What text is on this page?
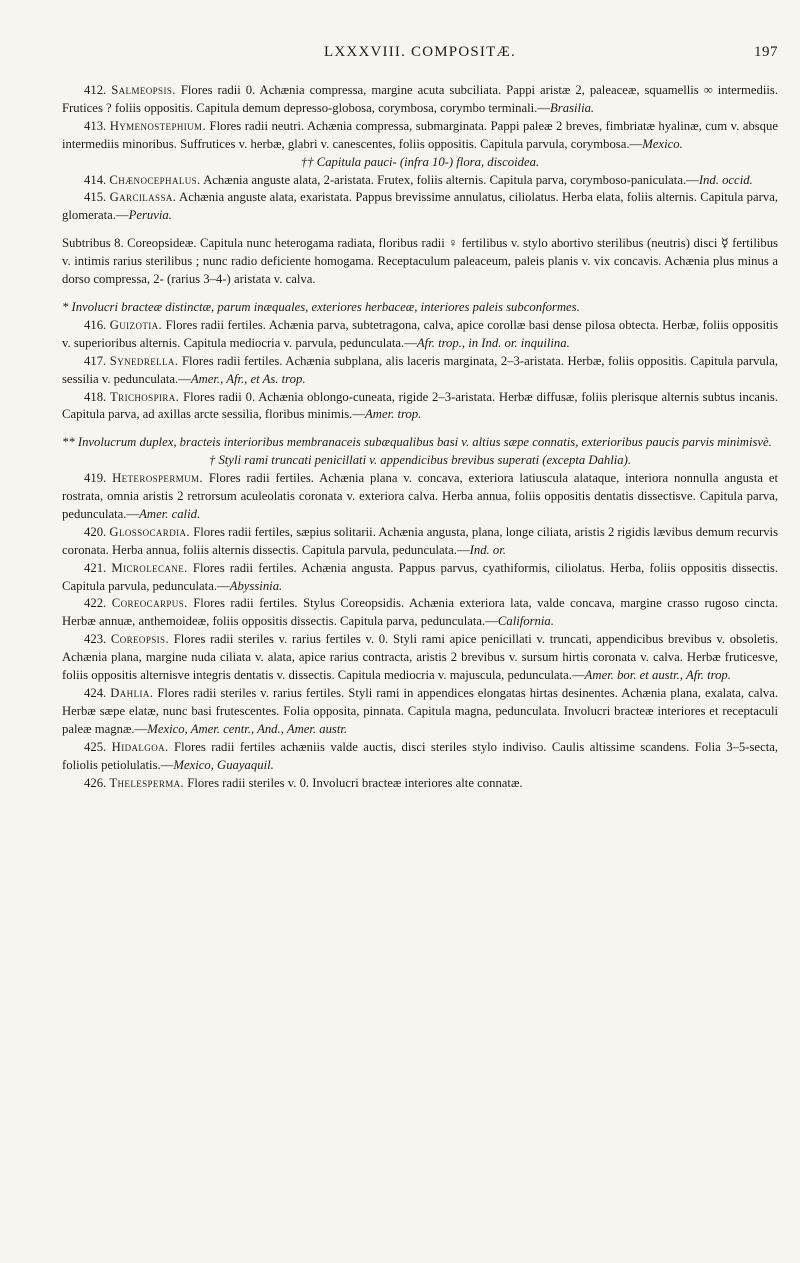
LXXXVIII. COMPOSITÆ.	197

412. Salmeopsis. Flores radii 0. Achænia compressa, margine acuta subciliata. Pappi aristæ 2, paleaceæ, squamellis ∞ intermediis. Frutices ? foliis oppositis. Capitula demum depresso-globosa, corymbosa, corymbo terminali.—Brasilia.

413. Hymenostephium. Flores radii neutri. Achænia compressa, submarginata. Pappi paleæ 2 breves, fimbriatæ hyalinæ, cum v. absque intermediis minoribus. Suffrutices v. herbæ, glabri v. canescentes, foliis oppositis. Capitula parvula, corymbosa.—Mexico.

†† Capitula pauci- (infra 10-) flora, discoidea.

414. Chænocephalus. Achænia anguste alata, 2-aristata. Frutex, foliis alternis. Capitula parva, corymboso-paniculata.—Ind. occid.

415. Garcilassa. Achænia anguste alata, exaristata. Pappus brevissime annulatus, ciliolatus. Herba elata, foliis alternis. Capitula parva, glomerata.—Peruvia.

Subtribus 8. Coreopsideæ. Capitula nunc heterogama radiata, floribus radii ♀ fertilibus v. stylo abortivo sterilibus (neutris) disci ☿ fertilibus v. intimis rarius sterilibus ; nunc radio deficiente homogama. Receptaculum paleaceum, paleis planis v. vix concavis. Achænia plus minus a dorso compressa, 2- (rarius 3–4-) aristata v. calva.

* Involucri bracteæ distinctæ, parum inæquales, exteriores herbaceæ, interiores paleis subconformes.

416. Guizotia. Flores radii fertiles. Achænia parva, subtetragona, calva, apice corollæ basi dense pilosa obtecta. Herbæ, foliis oppositis v. superioribus alternis. Capitula mediocria v. parvula, pedunculata.—Afr. trop., in Ind. or. inquilina.

417. Synedrella. Flores radii fertiles. Achænia subplana, alis laceris marginata, 2–3-aristata. Herbæ, foliis oppositis. Capitula parvula, sessilia v. pedunculata.—Amer., Afr., et As. trop.

418. Trichospira. Flores radii 0. Achænia oblongo-cuneata, rigide 2–3-aristata. Herbæ diffusæ, foliis plerisque alternis subtus incanis. Capitula parva, ad axillas arcte sessilia, floribus minimis.—Amer. trop.

** Involucrum duplex, bracteis interioribus membranaceis subæqualibus basi v. altius sæpe connatis, exterioribus paucis parvis minimisvè.

† Styli rami truncati penicillati v. appendicibus brevibus superati (excepta Dahlia).

419. Heterospermum. Flores radii fertiles. Achænia plana v. concava, exteriora latiuscula alataque, interiora nonnulla angusta et rostrata, omnia aristis 2 retrorsum aculeolatis coronata v. exteriora calva. Herba annua, foliis oppositis dentatis dissectisve. Capitula parva, pedunculata.—Amer. calid.

420. Glossocardia. Flores radii fertiles, sæpius solitarii. Achænia angusta, plana, longe ciliata, aristis 2 rigidis lævibus demum recurvis coronata. Herba annua, foliis alternis dissectis. Capitula parvula, pedunculata.—Ind. or.

421. Microlecane. Flores radii fertiles. Achænia angusta. Pappus parvus, cyathiformis, ciliolatus. Herba, foliis oppositis dissectis. Capitula parvula, pedunculata.—Abyssinia.

422. Coreocarpus. Flores radii fertiles. Stylus Coreopsidis. Achænia exteriora lata, valde concava, margine crasso rugoso cincta. Herbæ annuæ, anthemoideæ, foliis oppositis dissectis. Capitula parva, pedunculata.—California.

423. Coreopsis. Flores radii steriles v. rarius fertiles v. 0. Styli rami apice penicillati v. truncati, appendicibus brevibus v. obsoletis. Achænia plana, margine nuda ciliata v. alata, apice rarius contracta, aristis 2 brevibus v. sursum hirtis coronata v. calva. Herbæ fruticesve, foliis oppositis alternisve integris dentatis v. dissectis. Capitula mediocria v. majuscula, pedunculata.—Amer. bor. et austr., Afr. trop.

424. Dahlia. Flores radii steriles v. rarius fertiles. Styli rami in appendices elongatas hirtas desinentes. Achænia plana, exalata, calva. Herbæ sæpe elatæ, nunc basi frutescentes. Folia opposita, pinnata. Capitula magna, pedunculata. Involucri bracteæ interiores et receptaculi paleæ magnæ.—Mexico, Amer. centr., And., Amer. austr.

425. Hidalgoa. Flores radii fertiles achæniis valde auctis, disci steriles stylo indiviso. Caulis altissime scandens. Folia 3–5-secta, foliolis petiolulatis.—Mexico, Guayaquil.

426. Thelesperma. Flores radii steriles v. 0. Involucri bracteæ interiores alte connatæ.
